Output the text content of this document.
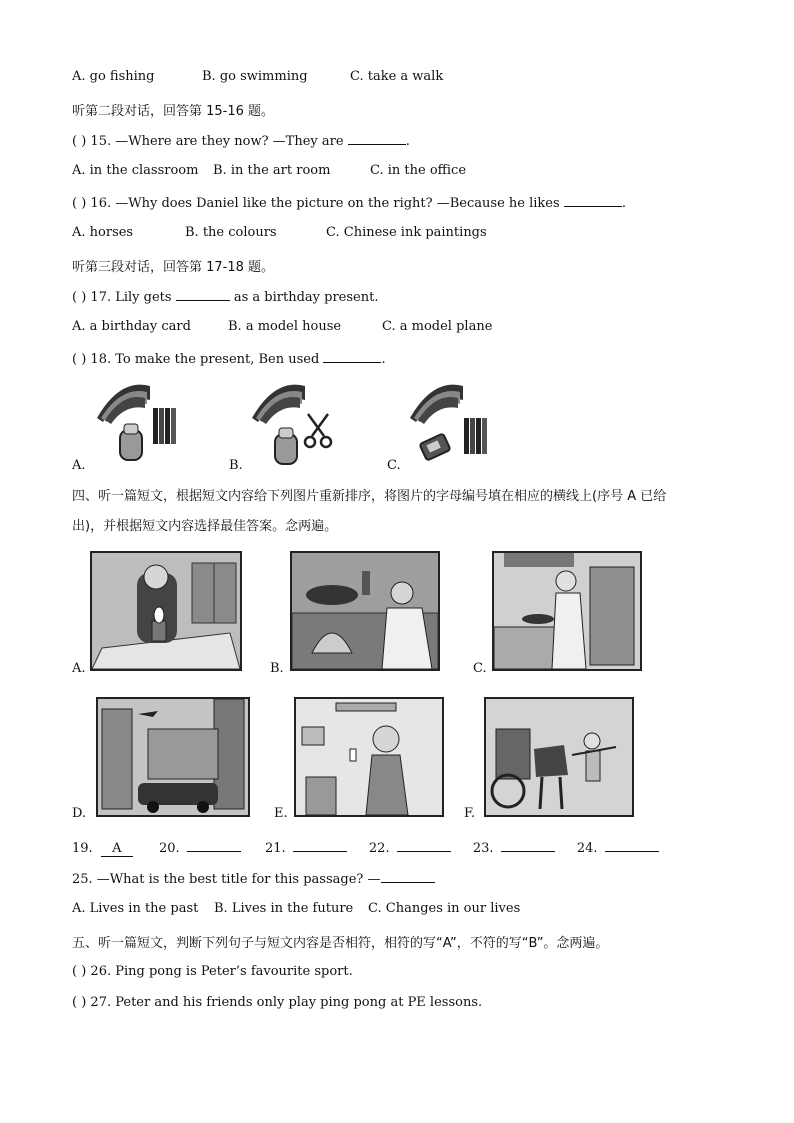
A. go fishing	B. go swimming	C. take a walk
听第二段对话，回答第 15-16 题。
( ) 15. —Where are they now? —They are	.
A. in the classroom B. in the art room	C. in the office
( ) 16. —Why does Daniel like the picture on the right? —Because he likes	.
A. horses	B. the colours	C. Chinese ink paintings
听第三段对话，回答第 17-18 题。
( ) 17. Lily gets	as a birthday present.
A. a birthday card	B. a model house	C. a model plane
( ) 18. To make the present, Ben used	.
A.	B.	C.
四、听一篇短文，根据短文内容给下列图片重新排序，将图片的字母编号填在相应的横线上(序号 A 已给
出)，并根据短文内容选择最佳答案。念两遍。
A.	B.	C.
D.	E.	F.
19. A	20.	21.	22.	23.	24.
25. —What is the best title for this passage? —
A. Lives in the past B. Lives in the future C. Changes in our lives
五、听一篇短文，判断下列句子与短文内容是否相符，相符的写“A”，不符的写“B”。念两遍。
( ) 26. Ping pong is Peter’s favourite sport.
( ) 27. Peter and his friends only play ping pong at PE lessons.
